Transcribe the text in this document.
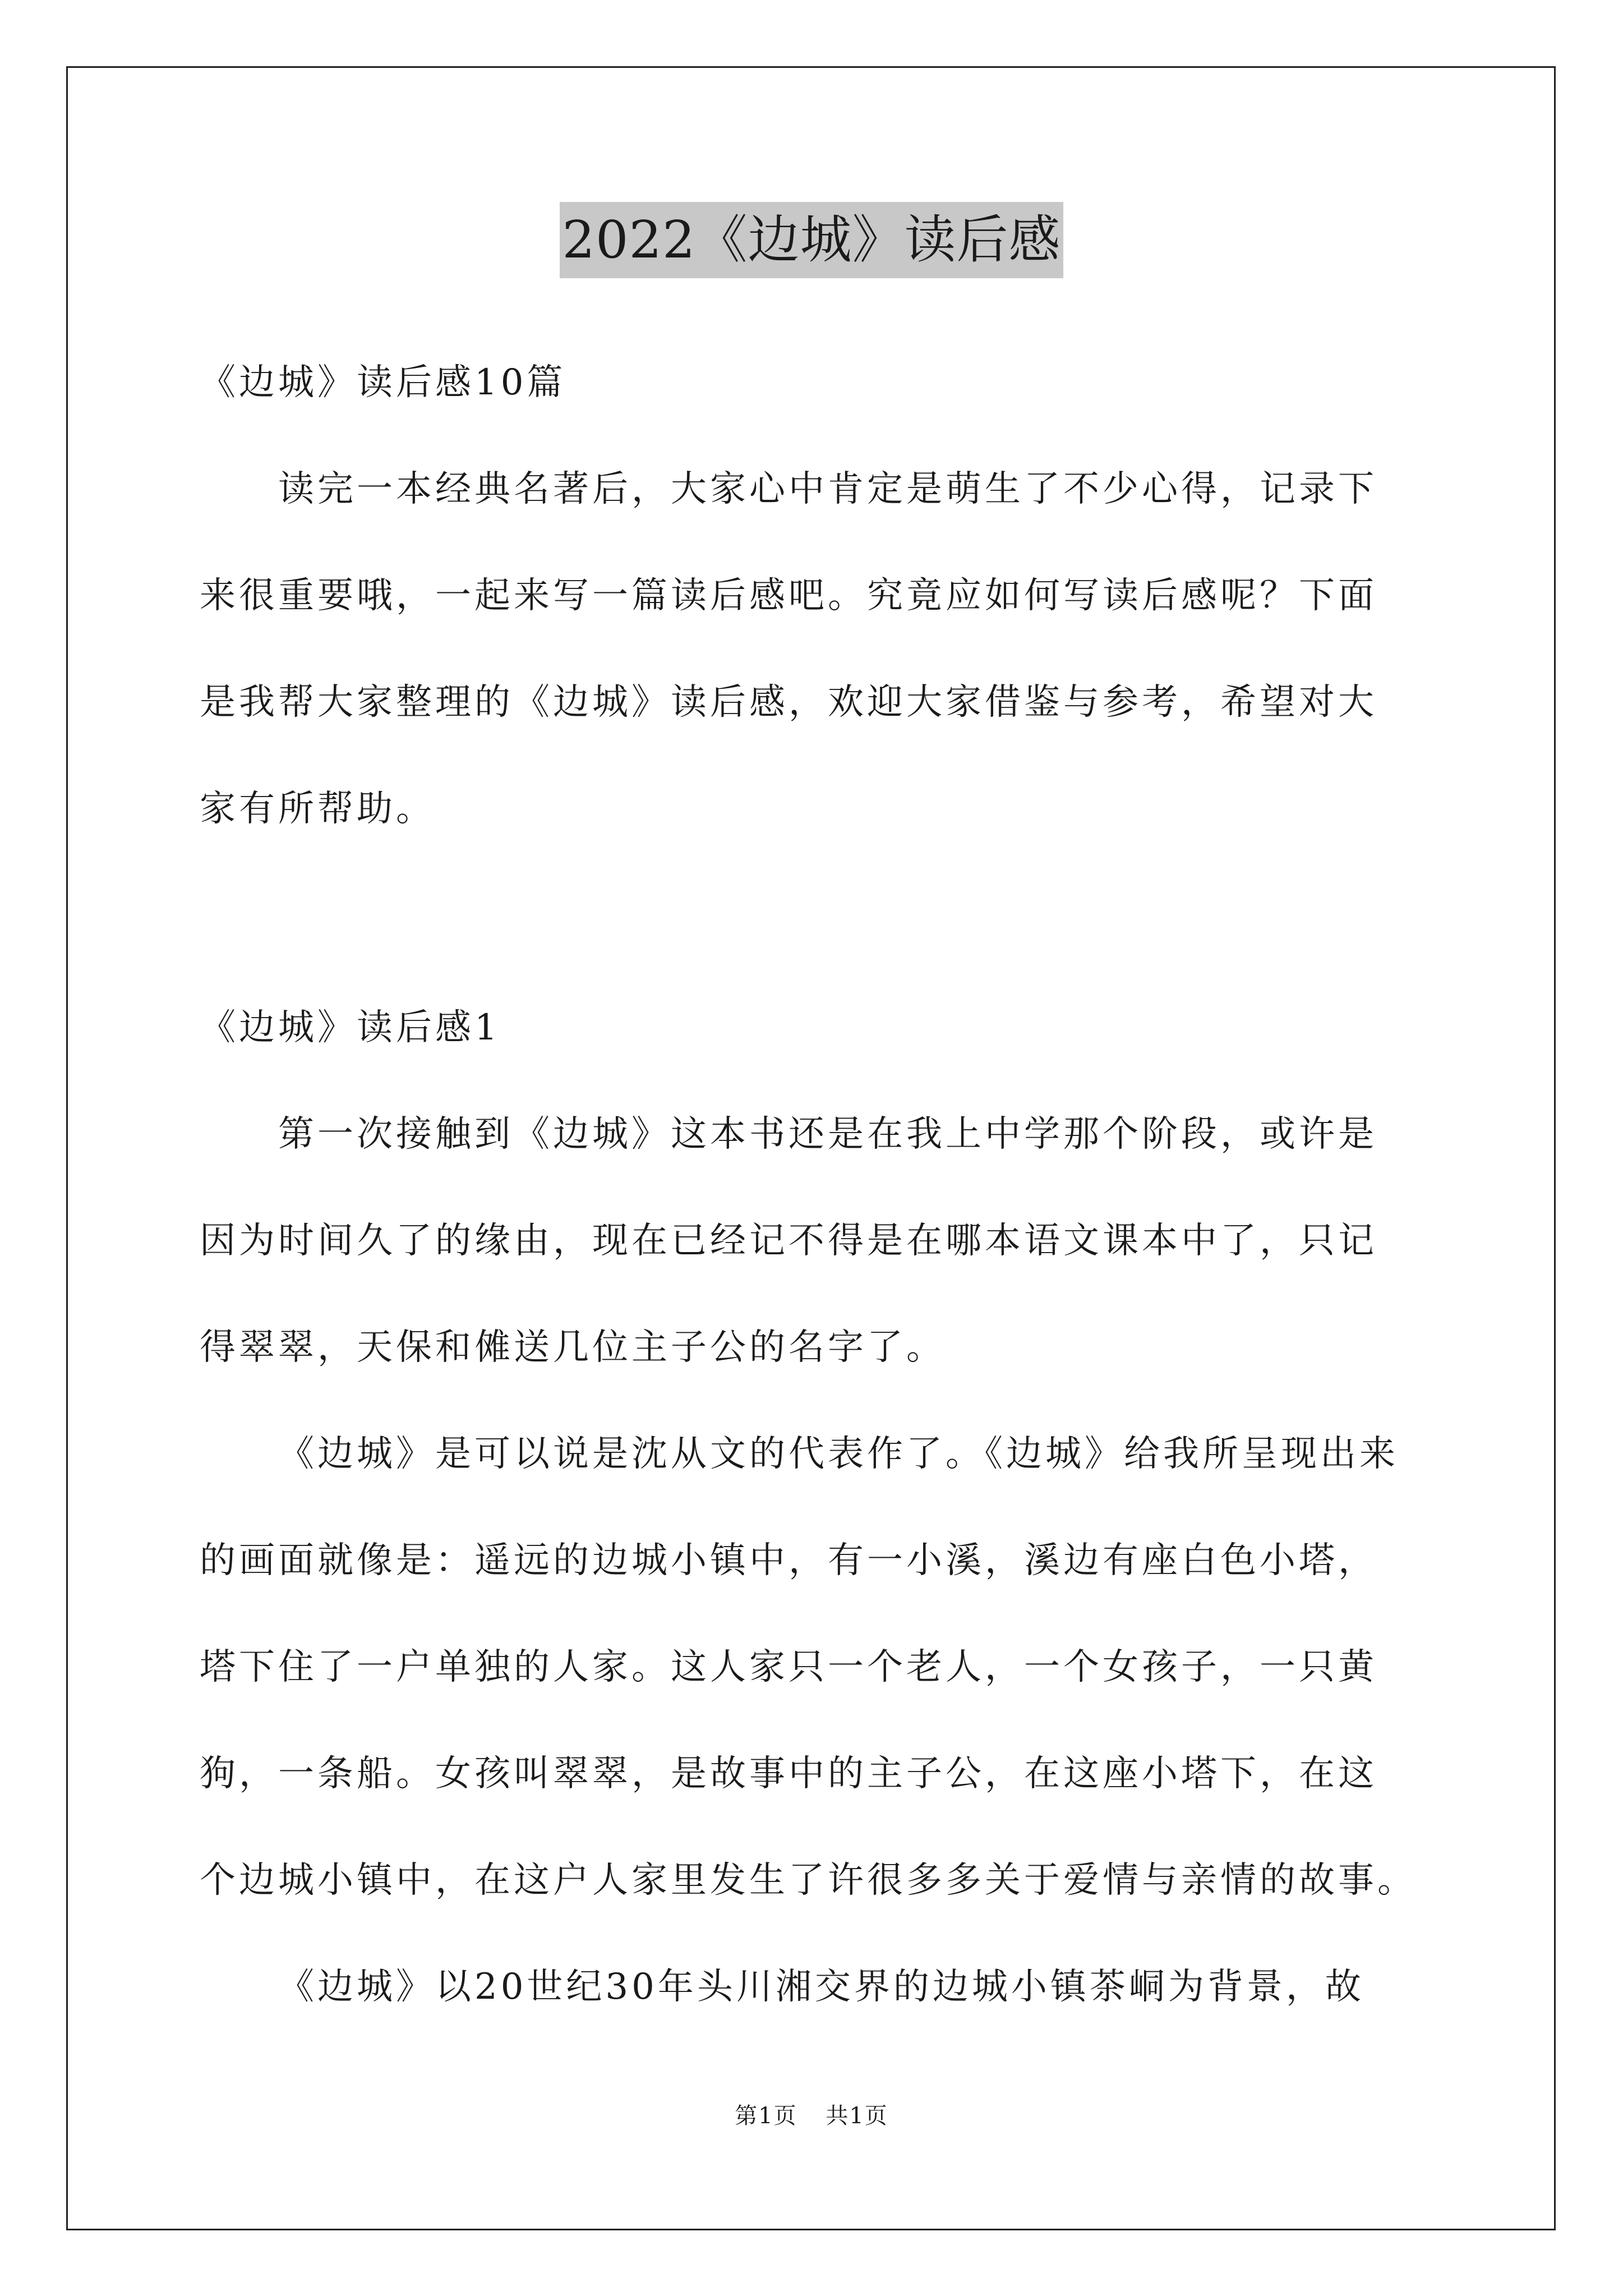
2022《边城》读后感
《边城》读后感10篇
读完一本经典名著后，大家心中肯定是萌生了不少心得，记录下
来很重要哦，一起来写一篇读后感吧。究竟应如何写读后感呢？下面
是我帮大家整理的《边城》读后感，欢迎大家借鉴与参考，希望对大
家有所帮助。
《边城》读后感1
第一次接触到《边城》这本书还是在我上中学那个阶段，或许是
因为时间久了的缘由，现在已经记不得是在哪本语文课本中了，只记
得翠翠，天保和傩送几位主子公的名字了。
《边城》是可以说是沈从文的代表作了。《边城》给我所呈现出来
的画面就像是：遥远的边城小镇中，有一小溪，溪边有座白色小塔，
塔下住了一户单独的人家。这人家只一个老人，一个女孩子，一只黄
狗，一条船。女孩叫翠翠，是故事中的主子公，在这座小塔下，在这
个边城小镇中，在这户人家里发生了许很多多关于爱情与亲情的故事。
《边城》以20世纪30年头川湘交界的边城小镇茶峒为背景，故
第1页 共1页
